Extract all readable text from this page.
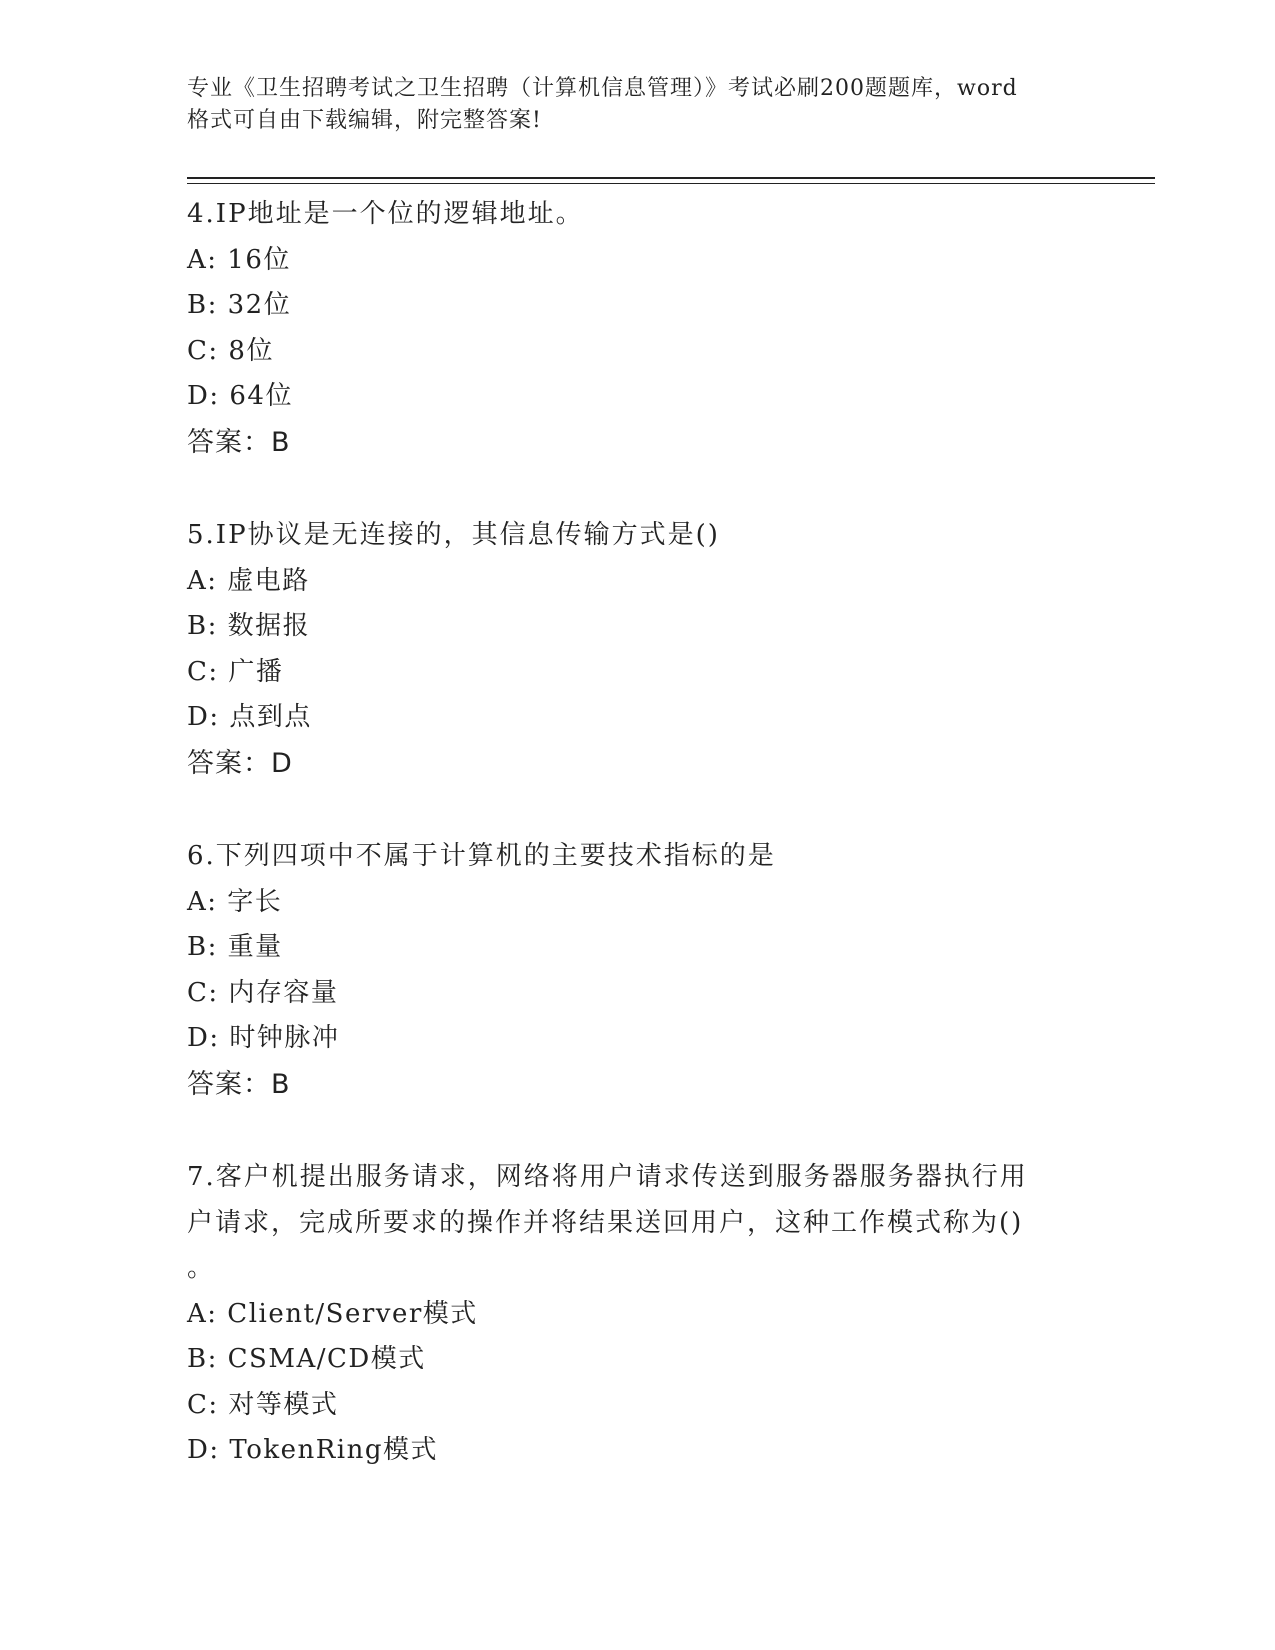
专业《卫生招聘考试之卫生招聘（计算机信息管理）》考试必刷200题题库，word
格式可自由下载编辑，附完整答案!
4.IP地址是一个位的逻辑地址。
A: 16位
B: 32位
C: 8位
D: 64位
答案：B
5.IP协议是无连接的，其信息传输方式是()
A: 虚电路
B: 数据报
C: 广播
D: 点到点
答案：D
6.下列四项中不属于计算机的主要技术指标的是
A: 字长
B: 重量
C: 内存容量
D: 时钟脉冲
答案：B
7.客户机提出服务请求，网络将用户请求传送到服务器服务器执行用
户请求，完成所要求的操作并将结果送回用户，这种工作模式称为()
。
A: Client/Server模式
B: CSMA/CD模式
C: 对等模式
D: TokenRing模式
